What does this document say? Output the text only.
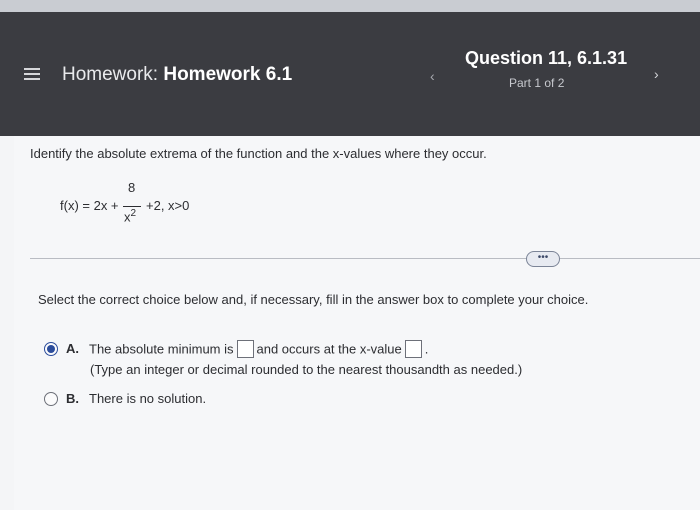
Homework: Homework 6.1	‹
Question 11, 6.1.31
Part 1 of 2
›
Identify the absolute extrema of the function and the x-values where they occur.
f(x) = 2x +
8
$x^2$
+2, x>0
•••
Select the correct choice below and, if necessary, fill in the answer box to complete your choice.
A. The absolute minimum is and occurs at the x-value .
(Type an integer or decimal rounded to the nearest thousandth as needed.)
B. There is no solution.
